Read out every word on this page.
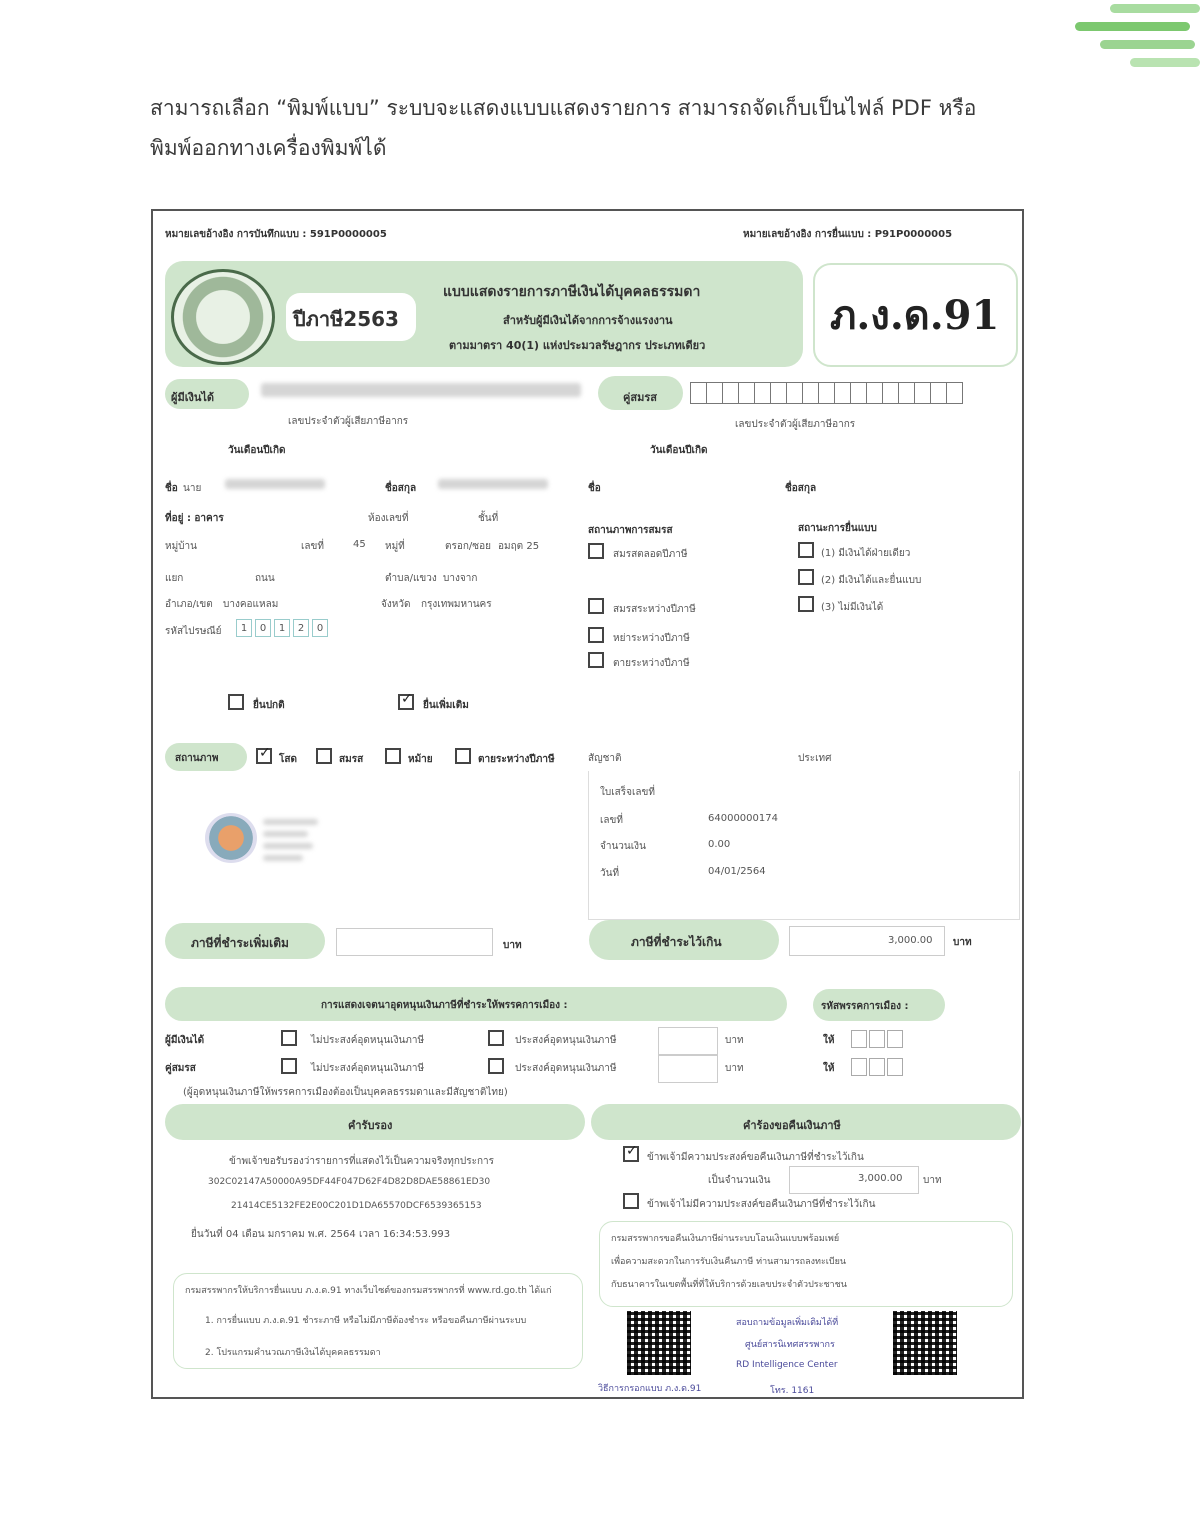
สามารถเลือก “พิมพ์แบบ” ระบบจะแสดงแบบแสดงรายการ สามารถจัดเก็บเป็นไฟล์ PDF หรือ
พิมพ์ออกทางเครื่องพิมพ์ได้
หมายเลขอ้างอิง การบันทึกแบบ : 591P0000005	หมายเลขอ้างอิง การยื่นแบบ : P91P0000005
ปีภาษี2563
แบบแสดงรายการภาษีเงินได้บุคคลธรรมดา
สำหรับผู้มีเงินได้จากการจ้างแรงงาน
ตามมาตรา 40(1) แห่งประมวลรัษฎากร ประเภทเดียว
ภ.ง.ด.91
ผู้มีเงินได้
เลขประจำตัวผู้เสียภาษีอากร
วันเดือนปีเกิด
คู่สมรส
เลขประจำตัวผู้เสียภาษีอากร
วันเดือนปีเกิด
ชื่อ นาย	ชื่อสกุล
ที่อยู่ : อาคาร	ห้องเลขที่	ชั้นที่
หมู่บ้าน	เลขที่	45 หมู่ที่	ตรอก/ซอย อมฤต 25
แยก	ถนน	ตำบล/แขวง บางจาก
อำเภอ/เขต บางคอแหลม	จังหวัด กรุงเทพมหานคร
รหัสไปรษณีย์	1	0	1	2	0
ชื่อ	ชื่อสกุล
สถานภาพการสมรส
สมรสตลอดปีภาษี
สมรสระหว่างปีภาษี
หย่าระหว่างปีภาษี
ตายระหว่างปีภาษี
สถานะการยื่นแบบ
(1) มีเงินได้ฝ่ายเดียว
(2) มีเงินได้และยื่นแบบ
(3) ไม่มีเงินได้
ยื่นปกติ ✓	ยื่นเพิ่มเติม
สถานภาพ ✓	โสด	สมรส	หม้าย	ตายระหว่างปีภาษี	สัญชาติ	ประเทศ
ใบเสร็จเลขที่
เลขที่	64000000174
จำนวนเงิน	0.00
วันที่	04/01/2564
ภาษีที่ชำระเพิ่มเติม	บาท	ภาษีที่ชำระไว้เกิน	3,000.00 บาท
การแสดงเจตนาอุดหนุนเงินภาษีที่ชำระให้พรรคการเมือง :	รหัสพรรคการเมือง :
ผู้มีเงินได้	ไม่ประสงค์อุดหนุนเงินภาษี	ประสงค์อุดหนุนเงินภาษี	บาท	ให้
คู่สมรส	ไม่ประสงค์อุดหนุนเงินภาษี	ประสงค์อุดหนุนเงินภาษี	บาท	ให้
(ผู้อุดหนุนเงินภาษีให้พรรคการเมืองต้องเป็นบุคคลธรรมดาและมีสัญชาติไทย)
คำรับรอง	คำร้องขอคืนเงินภาษี
ข้าพเจ้าขอรับรองว่ารายการที่แสดงไว้เป็นความจริงทุกประการ
302C02147A50000A95DF44F047D62F4D82D8DAE58861ED30
21414CE5132FE2E00C201D1DA65570DCF6539365153
ยื่นวันที่ 04 เดือน มกราคม พ.ศ. 2564 เวลา 16:34:53.993
✓
ข้าพเจ้ามีความประสงค์ขอคืนเงินภาษีที่ชำระไว้เกิน
เป็นจำนวนเงิน	3,000.00 บาท
ข้าพเจ้าไม่มีความประสงค์ขอคืนเงินภาษีที่ชำระไว้เกิน
กรมสรรพากรให้บริการยื่นแบบ ภ.ง.ด.91 ทางเว็บไซต์ของกรมสรรพากรที่ www.rd.go.th ได้แก่
1. การยื่นแบบ ภ.ง.ด.91 ชำระภาษี หรือไม่มีภาษีต้องชำระ หรือขอคืนภาษีผ่านระบบ
2. โปรแกรมคำนวณภาษีเงินได้บุคคลธรรมดา
กรมสรรพากรขอคืนเงินภาษีผ่านระบบโอนเงินแบบพร้อมเพย์
เพื่อความสะดวกในการรับเงินคืนภาษี ท่านสามารถลงทะเบียน
กับธนาคารในเขตพื้นที่ที่ให้บริการด้วยเลขประจำตัวประชาชน
วิธีการกรอกแบบ ภ.ง.ด.91
สอบถามข้อมูลเพิ่มเติมได้ที่
ศูนย์สารนิเทศสรรพากร
RD Intelligence Center
โทร. 1161
